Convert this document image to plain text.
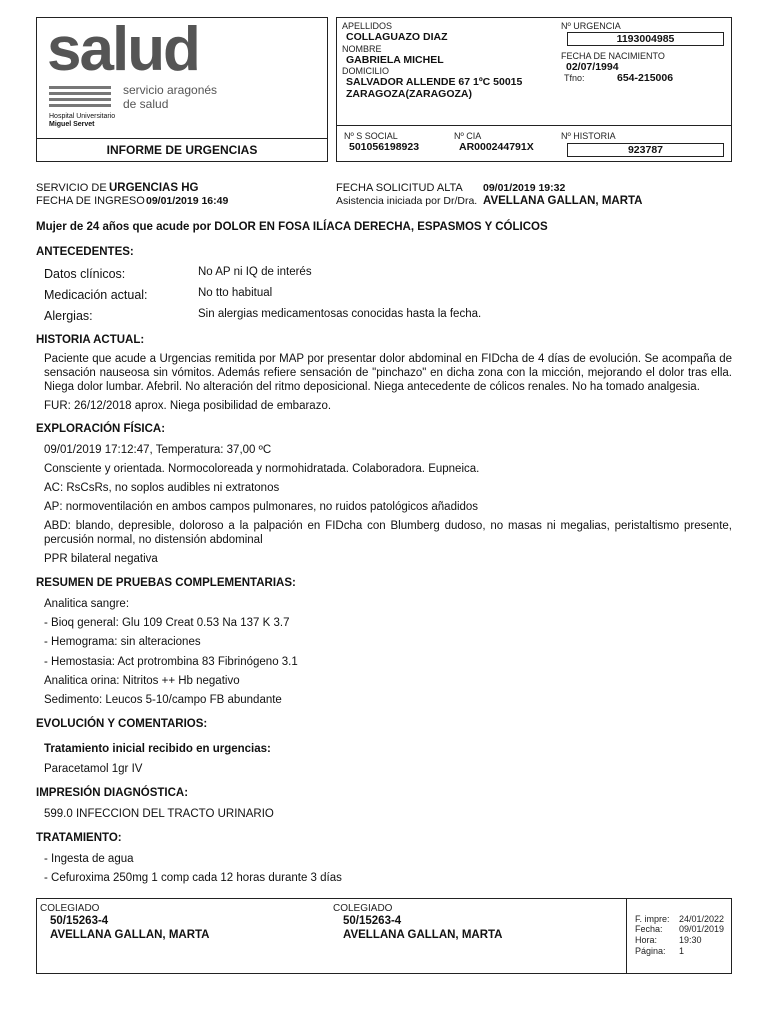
salud
servicio aragonés
de salud
Hospital Universitario
Miguel Servet
INFORME DE URGENCIAS
APELLIDOS
COLLAGUAZO DIAZ
NOMBRE
GABRIELA MICHEL
DOMICILIO
SALVADOR ALLENDE 67 1ºC 50015
ZARAGOZA(ZARAGOZA)
Nº URGENCIA
1193004985
FECHA DE NACIMIENTO
02/07/1994
Tfno:	654-215006
Nº S SOCIAL
501056198923
Nº CIA
AR000244791X
Nº HISTORIA
923787
SERVICIO DE URGENCIAS HG
FECHA DE INGRESO 09/01/2019 16:49
FECHA SOLICITUD ALTA 09/01/2019 19:32
Asistencia iniciada por Dr/Dra. AVELLANA GALLAN, MARTA
Mujer de 24 años que acude por DOLOR EN FOSA ILÍACA DERECHA, ESPASMOS Y CÓLICOS
ANTECEDENTES:
Datos clínicos:	No AP ni IQ de interés
Medicación actual:	No tto habitual
Alergias:	Sin alergias medicamentosas conocidas hasta la fecha.
HISTORIA ACTUAL:
Paciente que acude a Urgencias remitida por MAP por presentar dolor abdominal en FIDcha de 4 días de evolución. Se acompaña de sensación nauseosa sin vómitos. Además refiere sensación de "pinchazo" en dicha zona con la micción, mejorando el dolor tras ella. Niega dolor lumbar. Afebril. No alteración del ritmo deposicional. Niega antecedente de cólicos renales. No ha tomado analgesia.
FUR: 26/12/2018 aprox. Niega posibilidad de embarazo.
EXPLORACIÓN FÍSICA:
09/01/2019 17:12:47, Temperatura: 37,00 ºC
Consciente y orientada. Normocoloreada y normohidratada. Colaboradora. Eupneica.
AC: RsCsRs, no soplos audibles ni extratonos
AP: normoventilación en ambos campos pulmonares, no ruidos patológicos añadidos
ABD: blando, depresible, doloroso a la palpación en FIDcha con Blumberg dudoso, no masas ni megalias, peristaltismo presente, percusión normal, no distensión abdominal
PPR bilateral negativa
RESUMEN DE PRUEBAS COMPLEMENTARIAS:
Analitica sangre:
- Bioq general: Glu 109 Creat 0.53 Na 137 K 3.7
- Hemograma: sin alteraciones
- Hemostasia: Act protrombina 83 Fibrinógeno 3.1
Analitica orina: Nitritos ++ Hb negativo
Sedimento: Leucos 5-10/campo FB abundante
EVOLUCIÓN Y COMENTARIOS:
Tratamiento inicial recibido en urgencias:
Paracetamol 1gr IV
IMPRESIÓN DIAGNÓSTICA:
599.0 INFECCION DEL TRACTO URINARIO
TRATAMIENTO:
- Ingesta de agua
- Cefuroxima 250mg 1 comp cada 12 horas durante 3 días
COLEGIADO
50/15263-4
AVELLANA GALLAN, MARTA
COLEGIADO
50/15263-4
AVELLANA GALLAN, MARTA
F. impre: 24/01/2022
Fecha: 09/01/2019
Hora: 19:30
Página: 1
